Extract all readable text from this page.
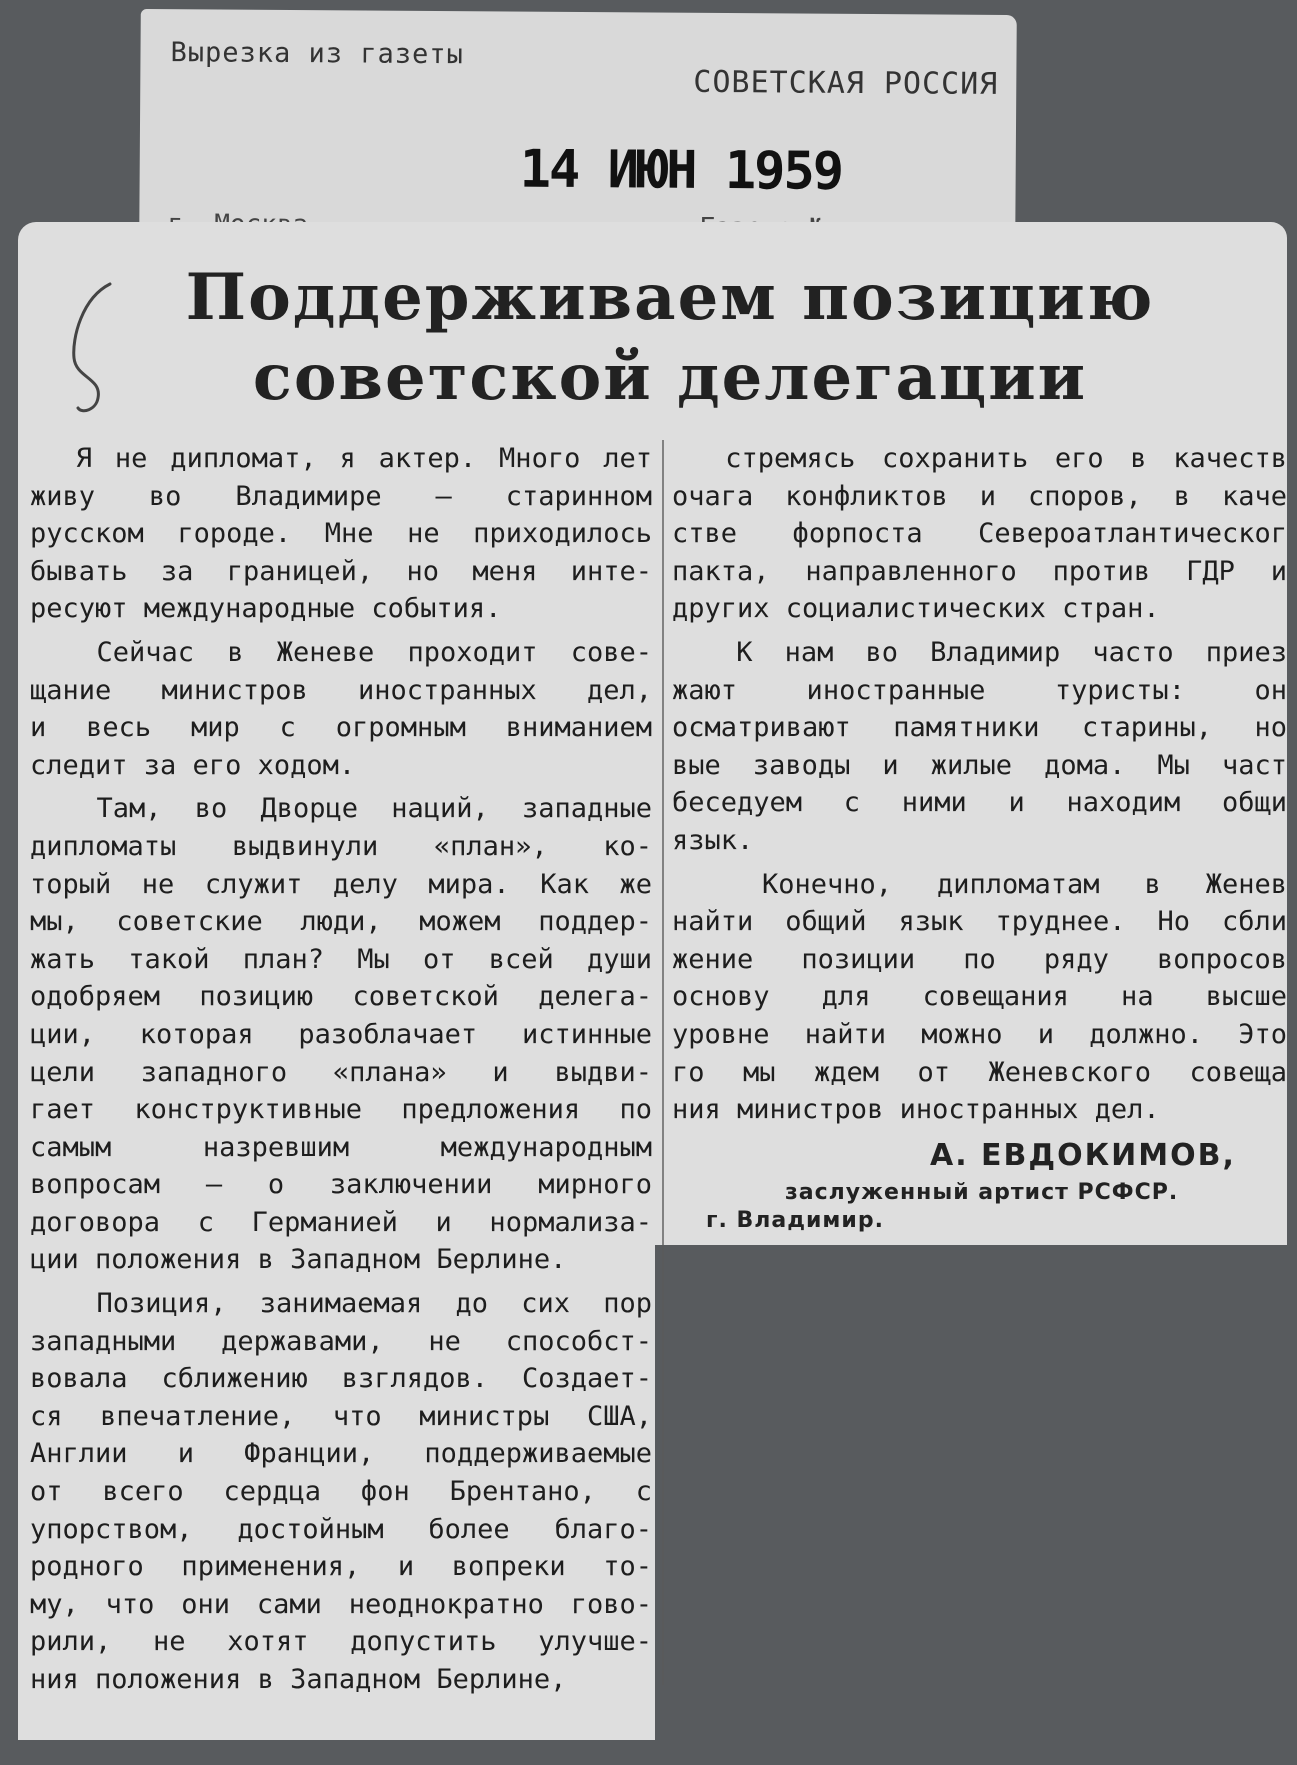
Вырезка из газеты
СОВЕТСКАЯ РОССИЯ
14 ИЮН 1959
Поддерживаем позицию
советской делегации

Я не дипломат, я актер. Много лет
живу во Владимире — старинном
русском городе. Мне не приходилось
бывать за границей, но меня инте-
ресуют международные события.

Сейчас в Женеве проходит сове-
щание министров иностранных дел,
и весь мир с огромным вниманием
следит за его ходом.

Там, во Дворце наций, западные
дипломаты выдвинули «план», ко-
торый не служит делу мира. Как же
мы, советские люди, можем поддер-
жать такой план? Мы от всей души
одобряем позицию советской делега-
ции, которая разоблачает истинные
цели западного «плана» и выдви-
гает конструктивные предложения по
самым назревшим международным
вопросам — о заключении мирного
договора с Германией и нормализа-
ции положения в Западном Берлине.

Позиция, занимаемая до сих пор
западными державами, не способст-
вовала сближению взглядов. Создает-
ся впечатление, что министры США,
Англии и Франции, поддерживаемые
от всего сердца фон Брентано, с
упорством, достойным более благо-
родного применения, и вопреки то-
му, что они сами неоднократно гово-
рили, не хотят допустить улучше-
ния положения в Западном Берлине,

стремясь сохранить его в качеств
очага конфликтов и споров, в каче
стве форпоста Североатлантическог
пакта, направленного против ГДР и
других социалистических стран.

К нам во Владимир часто приез
жают иностранные туристы: он
осматривают памятники старины, но
вые заводы и жилые дома. Мы част
беседуем с ними и находим общи
язык.

Конечно, дипломатам в Женев
найти общий язык труднее. Но сбли
жение позиции по ряду вопросов
основу для совещания на высше
уровне найти можно и должно. Это
го мы ждем от Женевского совеща
ния министров иностранных дел.

А. ЕВДОКИМОВ,
заслуженный артист РСФСР.
г. Владимир.
